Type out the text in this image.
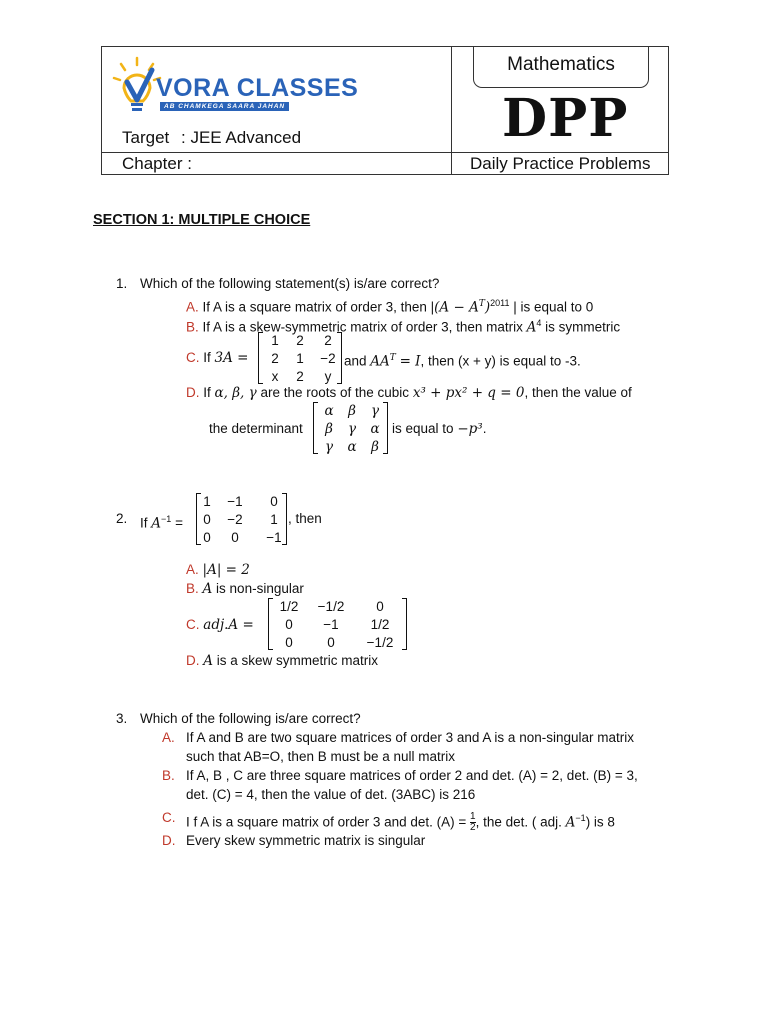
VORA CLASSES
AB CHAMKEGA SAARA JAHAN
Target : JEE Advanced
Chapter :
Mathematics
DPP
Daily Practice Problems
SECTION 1: MULTIPLE CHOICE
1. Which of the following statement(s) is/are correct?
A. If A is a square matrix of order 3, then $|(A - A^T)^{2011}$ | is equal to 0
B. If A is a skew-symmetric matrix of order 3, then matrix $A^4$ is symmetric
C. If 3A =
1	2	2
2	1	−2
x	2	y
and $AA^T = I$, then (x + y) is equal to -3.
D. If α, β, γ are the roots of the cubic x³ + px² + q = 0, then the value of
the determinant
α	β	γ
β	γ	α
γ	α	β
is equal to −p³.
2. If $A^{-1}$ =
1	−1	0
0	−2	1
0	0	−1
, then
A. |A| = 2
B. A is non-singular
C. adj.A =
1/2	−1/2	0
0	−1	1/2
0	0	−1/2
D. A is a skew symmetric matrix
3. Which of the following is/are correct?
A. If A and B are two square matrices of order 3 and A is a non-singular matrix
such that AB=O, then B must be a null matrix
B. If A, B , C are three square matrices of order 2 and det. (A) = 2, det. (B) = 3,
det. (C) = 4, then the value of det. (3ABC) is 216
C. I f A is a square matrix of order 3 and det. $(A) = \frac{1}{2}$ , the det. ( adj. $A^{-1}$) is 8
D. Every skew symmetric matrix is singular
